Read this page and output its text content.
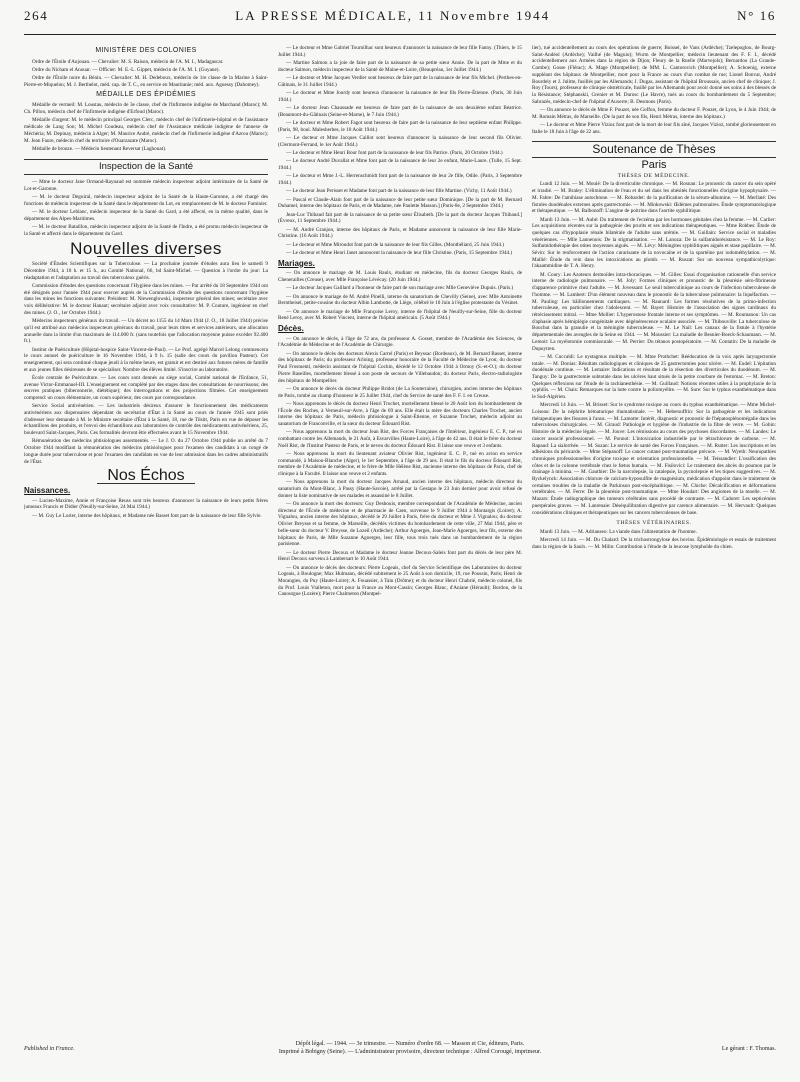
264	LA PRESSE MÉDICALE, 11 Novembre 1944	N° 16
MINISTÈRE DES COLONIES

Ordre de l'Étoile d'Anjouan. — Chevalier: M. S. Raison, médecin de l'A. M. I., Madagascar.

Ordre du Nicham el Anouar. — Officier: M. E.-L. Gippet, médecin de l'A. M. I. (Guyane).

Ordre de l'Étoile noire du Bénin. — Chevalier: M. H. Dedeboux, médecin de 1re classe de la Marine à Saint-Pierre-et-Miquelon; M. J. Berthelot, méd. cap. de T. C., en service en Mauritanie; méd. aux. Aguessy (Dahomey).

MÉDAILLE DES ÉPIDÉMIES

Médaille de vermeil: M. Loustau, médecin de 3e classe, chef de l'Infirmerie indigène de Marchand (Maroc); M. Ch. Pillon, médecin chef de l'Infirmerie indigène d'Erfoud (Maroc).

Médaille d'argent: M. le médecin principal Georges Clerc, médecin chef de l'infirmerie-hôpital et de l'assistance médicale de Lang Son; M. Michel Coudeau, médecin chef de l'Assistance médicale indigène de l'annexe de Méchéria; M. Depinay, médecin à Alger; M. Maurice André, médecin chef de l'Infirmerie indigène d'Azrou (Maroc); M. Jean Faure, médecin chef du territoire d'Ouarzazate (Maroc).

Médaille de bronze. — Médecin lieutenant Reversat (Laghouat).

Inspection de la Santé

— Mme le docteur Jane Ormand-Raynaud est nommée médecin inspecteur adjoint intérimaire de la Santé de Lot-et-Garonne.

— M. le docteur Deguiral, médecin inspecteur adjoint de la Santé de la Haute-Garonne, a été chargé des fonctions de médecin inspecteur de la Santé dans le département du Lot, en remplacement de M. le docteur Fuminier.

— M. le docteur Leblanc, médecin inspecteur de la Santé du Gard, a été affecté, en la même qualité, dans le département des Alpes-Maritimes.

— M. le docteur Bataillon, médecin inspecteur adjoint de la Santé de l'Indre, a été promu médecin inspecteur de la Santé et affecté dans le département du Gard.

Nouvelles diverses

Société d'Études Scientifiques sur la Tuberculose. — La prochaine journée d'études aura lieu le samedi 9 Décembre 1944, à 10 h. et 15 h., au Comité National, 66, bd Saint-Michel. — Question à l'ordre du jour: La réadaptation et l'adaptation au travail des tuberculeux guéris.

Commission d'études des questions concernant l'Hygiène dans les mines. — Par arrêté du 18 Septembre 1944 ont été désignés pour l'année 1944 pour exercer auprès de la Commission d'étude des questions concernant l'hygiène dans les mines les fonctions suivantes: Président: M. Niewenglowski, inspecteur général des mines; secrétaire avec voix délibérative: M. le docteur Hanaut; secrétaire adjoint avec voix consultative: M. P. Couture, ingénieur en chef des mines. (J. O., 1er Octobre 1944.)

Médecins inspecteurs généraux du travail. — Un décret no 1155 du 14 Mars 1944 (J. O., 18 Juillet 1944) précise qu'il est attribué aux médecins inspecteurs généraux du travail, pour leurs titres et services antérieurs, une allocation annuelle dans la limite d'un maximum de 114.000 fr. (sans toutefois que l'allocation moyenne puisse excéder 92.400 fr.).

Institut de Puériculture (Hôpital-hospice Saint-Vincent-de-Paul). — Le Prof. agrégé Marcel Lelong commencera le cours annuel de puériculture le 16 Novembre 1944, à 9 h. 15 (salle des cours du pavillon Pasteur). Cet enseignement, qui sera continué chaque jeudi à la même heure, est gratuit et est destiné aux futures mères de famille et aux jeunes filles désireuses de se spécialiser. Nombre des élèves limité. S'inscrire au laboratoire.

École centrale de Puériculture. — Les cours sont donnés au siège social, Comité national de l'Enfance, 51, avenue Victor-Emmanuel-III. L'enseignement est complété par des stages dans des consultations de nourrissons; des œuvres pratiques (biberonnerie, diététique); des interrogations et des projections filmées. Cet enseignement comprend: un cours élémentaire, un cours supérieur, des cours par correspondance.

Service Social antivénérien. — Les industriels désireux d'assurer le fonctionnement des médicaments antivénériens aux dispensaires dépendant du secrétariat d'État à la Santé au cours de l'année 1945 sont priés d'adresser leur demande à M. le Ministre secrétaire d'État à la Santé, 18, rue de Tilsitt, Paris en vue de déposer les échantillons des produits, et l'envoi des échantillons aux laboratoires de contrôle des médicaments antivénériens, 25, boulevard Saint-Jacques, Paris. Ces formalités devront être effectuées avant le 15 Novembre 1944.

Rémunération des médecins phtisiologues assermentés. — Le J. O. du 27 Octobre 1944 publie un arrêté du 7 Octobre 1944 modifiant la rémunération des médecins phtisiologues pour l'examen des candidats à un congé de longue durée pour tuberculose et pour l'examen des candidats en vue de leur admission dans les cadres administratifs de l'État.

Nos Échos
Naissances.

— Lucien-Maxime, Annie et Françoise Reuss sont très heureux d'annoncer la naissance de leurs petits frères jumeaux Francis et Didier (Neuilly-sur-Seine, 24 Mai 1944.)

— M. Guy Le Lorier, interne des hôpitaux, et Madame née Basset font part de la naissance de leur fille Sylvie.

— Le docteur et Mme Gabriel Tournilhac sont heureux d'annoncer la naissance de leur fille Fanny. (Thiers, le 15 Juillet 1944.)

— Martine Salmon a la joie de faire part de la naissance de sa petite sœur Annie. De la part de Mme et du docteur Salmon, médecin inspecteur de la Santé de Maine-et-Loire, (Beaupréau, 1er Juillet 1944.)

— Le docteur et Mme Jacques Verdier sont heureux de faire part de la naissance de leur fils Michel. (Perthes-en-Gâtinais, le 31 Juillet 1944.)

— Le docteur et Mme Jourdy sont heureux d'annoncer la naissance de leur fils Pierre-Étienne. (Paris, 30 Juin 1944.)

— Le docteur Jean Chaussade est heureux de faire part de la naissance de son deuxième enfant Béatrice. (Beaumont-du-Gâtinais (Seine-et-Marne), le 7 Juin 1944.)

— Le docteur et Mme Robert Fagot sont heureux de faire part de la naissance de leur septième enfant Philippe. (Paris, 98, boul. Malesherbes, le 10 Août 1944.)

— Le docteur et Mme Jacques Caillot sont heureux d'annoncer la naissance de leur second fils Olivier. (Clermont-Ferrand, le 1er Août 1944.)

— Le docteur et Mme Henri Bour font part de la naissance de leur fils Patrice. (Paris, 20 Octobre 1944.)

— Le docteur André Duvallat et Mme font part de la naissance de leur 2e enfant, Marie-Laure. (Tulle, 15 Sept. 1944.)

— Le docteur et Mme J.-L. Herrenschmidt font part de la naissance de leur 2e fille, Odile. (Paris, 3 Septembre 1944.)

— Le docteur Jean Perisset et Madame font part de la naissance de leur fille Martine. (Vichy, 11 Août 1944.)

— Pascal et Claude-Alain font part de la naissance de leur petite sœur Dominique. [De la part de M. Bernard Duhamel, interne des hôpitaux de Paris, et de Madame, née Paulette Masson.] (Paris-8e, 2 Septembre 1944.)

Jean-Luc Thibaud fait part de la naissance de sa petite sœur Élisabeth. [De la part du docteur Jacques Thibaud.] (Évreux, 11 Septembre 1944.)

— M. André Granjon, interne des hôpitaux de Paris, et Madame annoncent la naissance de leur fille Marie-Christine. (16 Août 1944.)

— Le docteur et Mme Miroudot font part de la naissance de leur fils Gilles. (Montbéliard, 25 Juin 1944.)

— Le docteur et Mme Henri Janet annoncent la naissance de leur fille Christine. (Paris, 15 Septembre 1944.)

Mariages.

— On annonce le mariage de M. Louis Raulx, étudiant en médecine, fils du docteur Georges Raulx, de Chenerailles (Creuse), avec Mlle Françoise Lévécay. (20 Juin 1944.)

— Le docteur Jacques Gaillard a l'honneur de faire part de son mariage avec Mlle Geneviève Dupuis. (Paris.)

— On annonce le mariage de M. André Pinelli, interne du sanatorium de Chevilly (Seine), avec Mlle Antoinette Berntheisel, petite-cousine du docteur Albin Lambotte, de Liège, célébré le 10 Juin à l'église protestante du Vésinet.

— On annonce le mariage de Mlle Françoise Leroy, interne de l'hôpital de Neuilly-sur-Seine, fille du docteur René Leroy, avec M. Robert Vincent, interne de l'hôpital américain. (5 Août 1944.)

Décès.

— On annonce le décès, à l'âge de 72 ans, du professeur A. Gosset, membre de l'Académie des Sciences, de l'Académie de Médecine et de l'Académie de Chirurgie.

— On annonce le décès des docteurs Alexis Carrel (Paris) et Beyssac (Bordeaux), de M. Bernard Basset, interne des hôpitaux de Paris; du professeur Arloing, professeur honoraire de la Faculté de Médecine de Lyon; du docteur Paul Frostuenti, médecin assistant de l'hôpital Cochin, décédé le 12 Octobre 1944 à Ormoy (S.-et-O.); du docteur Pierre Baseilles, mortellement blessé à son poste de secours de Villebaudon; du docteur Paris, électro-radiologiste des hôpitaux de Montpellier.

— On annonce le décès du docteur Philippe Bridot (de La Souterraine), chirurgien, ancien interne des hôpitaux de Paris, tombé au champ d'honneur le 25 Juillet 1944, chef du Service de santé des F. F. I. en Creuse.

— Nous apprenons le décès du docteur Henri Trochet, mortellement blessé le 20 Août lors du bombardement de l'École des Roches, à Verneuil-sur-Avre, à l'âge de 69 ans. Elle était la mère des docteurs Charles Trochet, ancien interne des hôpitaux de Paris, médecin phtisiologue à Saint-Étienne, et Suzanne Trochet, médecin adjoint au sanatorium de Franconville, et la sœur du docteur Édouard Rist.

— Nous apprenons la mort du docteur Jean Rist, des Forces Françaises de l'Intérieur, ingénieur E. C. P., tué en combattant contre les Allemands, le 21 Août, à Esvarvilles (Haute-Loire), à l'âge de 42 ans. Il était le frère du docteur Noël Rist, de l'Institut Pasteur de Paris, et le neveu du docteur Édouard Rist. Il laisse une veuve et 3 enfants.

— Nous apprenons la mort du lieutenant aviateur Olivier Rist, ingénieur E. C. P., tué en avion en service commandé, à Maison-Blanche (Alger), le 1er Septembre, à l'âge de 29 ans. Il était le fils du docteur Édouard Rist, membre de l'Académie de médecine, et le frère de Mlle Hélène Rist, ancienne interne des hôpitaux de Paris, chef de clinique à la Faculté. Il laisse une veuve et 2 enfants.

— Nous apprenons la mort du docteur Jacques Arnaud, ancien interne des hôpitaux, médecin directeur du sanatorium du Mont-Blanc, à Passy (Haute-Savoie), arrêté par la Gestapo le 23 Juin dernier pour avoir refusé de donner la liste nominative de ses malades et assassiné le 8 Juillet.

— On annonce la mort des docteurs: Guy Desbouis, membre correspondant de l'Académie de Médecine, ancien directeur de l'École de médecine et de pharmacie de Caen, survenue le 9 Juillet 1944 à Montargis (Loiret); A. Vignalou, ancien interne des hôpitaux, décédé le 29 Juillet à Paris, frère du docteur et Mme J. Vignalou; du docteur Olivier Breysse et sa femme, de Marseille, décédés victimes du bombardement de cette ville, 27 Mai 1944, père et belle-sœur du docteur V. Breysse, de Lozeil (Ardèche); Arthur Agoerges, Jean-Marie Agoerges, leur fils, externe des hôpitaux de Paris, de Mlle Suzanne Agoerges, leur fille, tous trois tués dans un bombardement de la région parisienne.

— Le docteur Pierre Decoux et Madame le docteur Jeanne Decoux-Saleis font part du décès de leur père M. Henri Decoux survenu à Lambersart le 10 Août 1944.

— On annonce le décès des docteurs: Pierre Logeais, chef du Service Scientifique des Laboratoires du docteur Logeais, à Boulogne; Max Hulmann, décédé subitement le 25 Août à son domicile, 19, rue Poussin, Paris; Henri de Morangies, du Puy (Haute-Loire); A. Fouassier, à Tain (Drôme); et du docteur Henri Chabrié, médecin colonel, fils du Prof. Louis Vialleton, mort pour la France au Mont-Cassin; Georges Blanc, d'Aniane (Hérault); Bordon, de la Canourgue (Lozère); Pierre Chalmeton (Montpel-

lier), tué accidentellement au cours des opérations de guerre; Boissel, de Vans (Ardèche); Tzelepoglou, de Bourg-Saint-Andéol (Ardèche); Vailhé (de Maguio); Wurm de Montpellier, médecin lieutenant des F. F. I., décédé accidentellement aux Armées dans la région de Dijon; Fleury de la Ruelle (Marvejols); Bernardou (La Grande-Combe); Gosse (Flérac); A. Mage (Montpellier); de MM. L. Cantorovich (Montpellier); A. Schoenig, externe suppléant des hôpitaux de Montpellier, mort pour la France au cours d'un combat de rue; Lionel Bonvar, André Bourdely et J. Julitte, fusillés par les Allemands; J. Dugas, assistant de l'hôpital Broussais, ancien chef de clinique; J. Roy (Tours), professeur de clinique obstétricale, fusillé par les Allemands pour avoir donné ses soins à des blessés de la Résistance; Stéphanskii, Grenier et M. Durosc (Le Havre), tués au cours du bombardement du 5 Septembre; Sabrazès, médecin-chef de l'hôpital d'Auxerre; B. Desmons (Paris).

— On annonce le décès de Mme F. Pouzet, née Goffon, femme du docteur F. Pouzet, de Lyon, le 4 Juin 1944; de M. Romain Métras, de Marseille. (De la part de son fils, Henri Métras, interne des hôpitaux.)

— Le docteur et Mme Pierre Vizioz font part de la mort de leur fils aîné, Jacques Vizioz, tombé glorieusement en Italie le 18 Juin à l'âge de 22 ans.

Soutenance de Thèses
Paris
THÈSES DE MÉDECINE.

Lundi 12 Juin. — M. Moulé: De la diverticulite chronique. — M. Rosnan: Le pronostic du cancer du sein opéré et irradié. — M. Braley: L'élimination de l'eau et du sel dans les obésités fonctionnelles d'origine hypophysaire. — M. Fabre: De l'amibiase autochtone. — M. Robardet: de la purification de la sérum-albumine. — M. Merllaté: Des fistules duodénales externes après gastrectomie. — M. Minkowski: Œdèmes pulmonaires. Étude symptomatologique et thérapeutique. — M. Balbonoff: L'angine de poitrine dans l'aortite syphilitique.

Mardi 13 Juin. — M. Aubé: Du traitement de l'eczéma par les hormones génitales chez la femme. — M. Carlier: Les acquisitions récentes sur la pathogénie des prurits et ses indications thérapeutiques. — Mme Robbes: Étude de quelques cas d'hypoplasie rénale bilatérale de l'adulte sans urémie. — M. Guillain: Service social et maladies vénériennes. — Mlle Lannenois: De la stigmatisation. — M. Lanoza: De la sulfamidorésistance. — M. Le Roy: Sulfamidothérapie des otites moyennes aiguës. — M. Lévy: Méningites syphilitiques aiguës et stase papillaire. — M. Sévin: Sur le renforcement de l'action curarisante de la novocaïne et de la spartéine par iodométhylation. — M. Mallié: Étude du rein dans les intoxications au plomb. — M. Ruszat: Sur un nouveau sympathicolytique: l'akaammidine de T. A. Henry.

M. Coury: Les Azoteurs dermoïdes intra-thoraciques. — M. Gilles: Essai d'organisation rationnelle d'un service interne de radiologie pulmonaire. — M. Joly: Formes cliniques et pronostic de la pleurésie séro-fibrineuse d'apparence primitive chez l'adulte. — M. Jovessant: Le seuil tuberculinique au cours de l'infection tuberculeuse de l'homme. — M. Lambert: D'un élément nouveau dans le pronostic de la tuberculose pulmonaire: la liquéfaction. — M. Pauling: Les bâillonnements cardiaques. — M. Raunard: Les formes résolutives de la primo-infection tuberculeuse, en particulier chez l'adolescent. — M. Bayet: Histoire de l'association des signes cardinaux du rétrécissement mitral. — Mme Mollier: L'hyperostose frontale interne et ses symptômes. — M. Roumanou: Un cas d'aphasie après hémiplégie congénitale avec dégénérescence oculaire associée. — M. Thibouville: La tuberculose de Bouchut dans la granulie et la méningite tuberculeuse. — M. Le Nail: Les canaux de la fistule à l'hystérie départementale des aveugles de la Seine en 1944. — M. Moussier: La maladie de Besnier-Boeck-Schaumann. — M. Lemoit: La myélotomie commissurale. — M. Perrier: Du tétanos postopératoire. — M. Contatin: De la maladie de Dupuytren.

— M. Cuccaldi: Le nystagmus multiple. — M. Mme Prothchet: Rééducation de la voix après laryngectomie totale. — M. Donias: Résultats radiologiques et cliniques de 25 gastrectomies pour ulcère. — M. Eudel: L'épitation duodénale continue. — M. Lemaire: Indications et résultats de la résection des diverticules du duodénum. — M. Tanguy: De la gastrectomie subtotale dans les ulcères haut situés de la petite courbure de l'estomac. — M. Breton: Quelques réflexions sur l'étude de la rachianesthésie. — M. Guillaud: Notions récentes utiles à la prophylaxie de la syphilis. — M. Chais: Remarques sur la lutte contre la poliomyélite. — M. Sure: Sur le typhus exanthématique dans le Sud-Algérien.

Mercredi 14 Juin. — M. Brisset: Sur le syndrome toxique au cours du typhus exanthématique. — Mme Michel-Loiseau: De la néphrite hématurique rhumatismale. — M. Hebersuffrin: Sur la pathogénie et les indications thérapeutiques des fissures à l'anus. — M. Lamotte: Intérêt, diagnostic et pronostic de l'hépatosplénomégalie dans les tuberculoses chirurgicales. — M. Giraud: Pathologie et hygiène de l'industrie de la fibre de verre. — M. Gobin: Histoire de la médecine légale. — M. Jouve: Les rémissions au cours des psychoses discordantes. — M. Landes: Le cancer associé professionnel. — M. Ponnot: L'intoxication industrielle par le tétrachlorure de carbone. — M. Rapaud: La sialorrhée. — M. Suzan: Le service de santé des Forces Françaises. — M. Rutter: Les inscriptions et les adhésions du péricarde. — Mme Stépanoff: Le cancer cutané post-traumatique précoce. — M. Wyeth: Neuropathies chroniques professionnelles d'origine toxique et orientation professionnelle. — M. Teissandier: L'ossification des côtes et de la colonne vertébrale chez le fœtus humain. — M. Fisilovici: Le traitement des abcès du poumon par le drainage à minima. — M. Gauthier: De la narcolepsie, la catalepsie, la pycnolepsie et les tiques suggestives. — M. Ryckelynck: Association chlorure de calcium-hyposulfite de magnésium, médication d'appoint dans le traitement de certaines troubles de la maladie de Parkinson post-encéphalitique. — M. Chiche: Décalcification et déformations vertébrales. — M. Ferre: De la pleurésie post-traumatique. — Mme Houdart: Des angiomes de la moelle. — M. Mazars: Étude radiographique des tumeurs cérébrales sans procédé de contraste. — M. Cadoret: Les septicémies puerpérales graves. — M. Lanrenaie: Déséquilibration digestive par carence alimentaire. — M. Hervault: Quelques considérations cliniques et thérapeutiques sur les cancers tuberculeuses de base.

THÈSES VÉTÉRINAIRES.

Mardi 13 Juin. — M. Adrianseo: La viande dans l'alimentation de l'homme.

Mercredi 14 Juin. — M. Du Chalard: De la trichostrongylose des bovins. Épidémiologie et essais de traitement dans la région de la Saulx. — M. Milin: Contribution à l'étude de la leucose lymphoïde du chien.

Published in France.
Dépôt légal. — 1944. — 3e trimestre. — Numéro d'ordre 68. — Masson et Cie, éditeurs, Paris.
Imprimé à Bobigny (Seine). — L'administrateur provisoire, directeur technique : Alfred Corougé, imprimeur.	Le gérant : F. Thomas.
